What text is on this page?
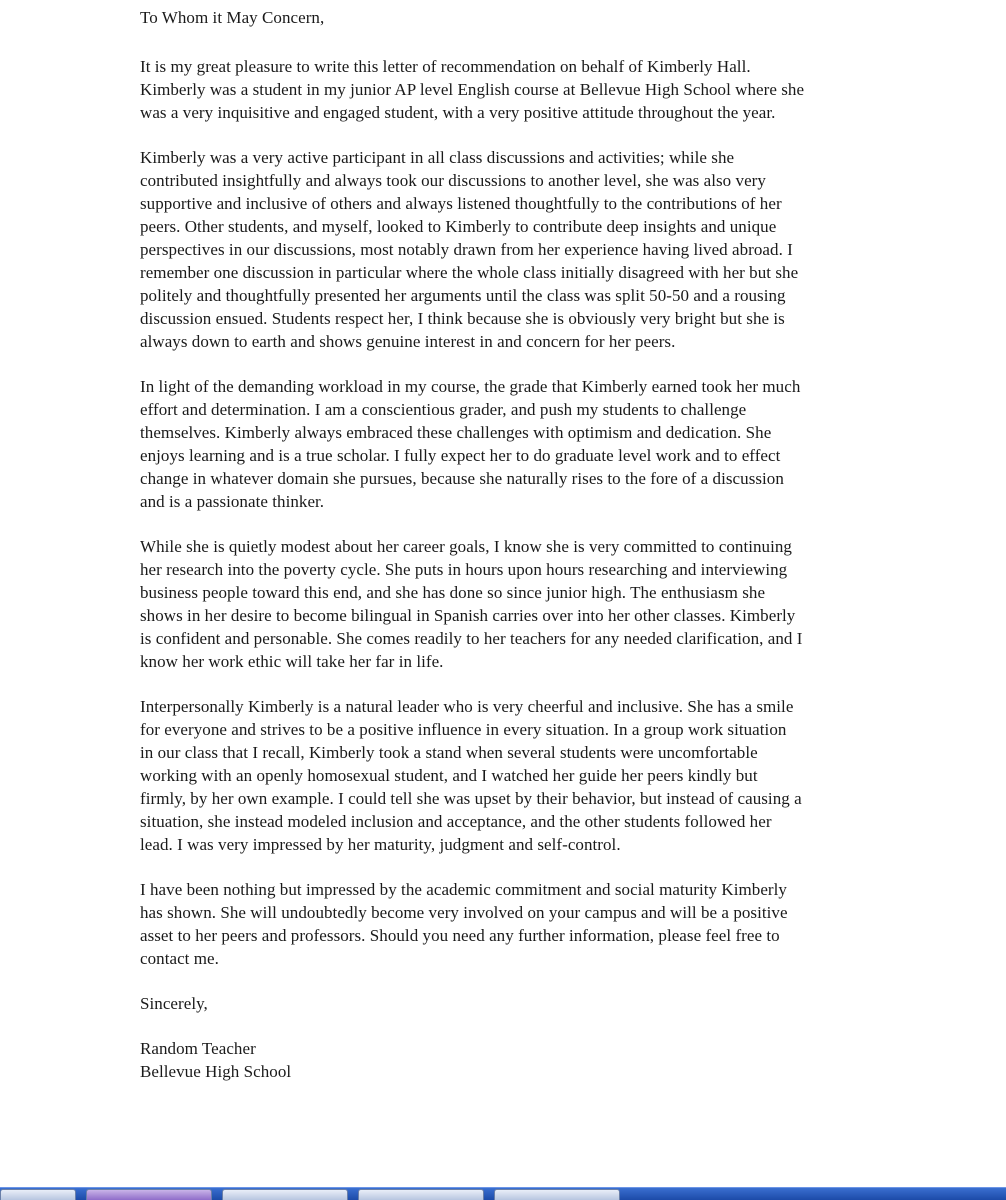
To Whom it May Concern,
It is my great pleasure to write this letter of recommendation on behalf of Kimberly Hall.
Kimberly was a student in my junior AP level English course at Bellevue High School where she
was a very inquisitive and engaged student, with a very positive attitude throughout the year.
Kimberly was a very active participant in all class discussions and activities; while she
contributed insightfully and always took our discussions to another level, she was also very
supportive and inclusive of others and always listened thoughtfully to the contributions of her
peers. Other students, and myself, looked to Kimberly to contribute deep insights and unique
perspectives in our discussions, most notably drawn from her experience having lived abroad. I
remember one discussion in particular where the whole class initially disagreed with her but she
politely and thoughtfully presented her arguments until the class was split 50-50 and a rousing
discussion ensued. Students respect her, I think because she is obviously very bright but she is
always down to earth and shows genuine interest in and concern for her peers.
In light of the demanding workload in my course, the grade that Kimberly earned took her much
effort and determination. I am a conscientious grader, and push my students to challenge
themselves. Kimberly always embraced these challenges with optimism and dedication. She
enjoys learning and is a true scholar. I fully expect her to do graduate level work and to effect
change in whatever domain she pursues, because she naturally rises to the fore of a discussion
and is a passionate thinker.
While she is quietly modest about her career goals, I know she is very committed to continuing
her research into the poverty cycle. She puts in hours upon hours researching and interviewing
business people toward this end, and she has done so since junior high. The enthusiasm she
shows in her desire to become bilingual in Spanish carries over into her other classes. Kimberly
is confident and personable. She comes readily to her teachers for any needed clarification, and I
know her work ethic will take her far in life.
Interpersonally Kimberly is a natural leader who is very cheerful and inclusive. She has a smile
for everyone and strives to be a positive influence in every situation. In a group work situation
in our class that I recall, Kimberly took a stand when several students were uncomfortable
working with an openly homosexual student, and I watched her guide her peers kindly but
firmly, by her own example. I could tell she was upset by their behavior, but instead of causing a
situation, she instead modeled inclusion and acceptance, and the other students followed her
lead. I was very impressed by her maturity, judgment and self-control.
I have been nothing but impressed by the academic commitment and social maturity Kimberly
has shown. She will undoubtedly become very involved on your campus and will be a positive
asset to her peers and professors. Should you need any further information, please feel free to
contact me.
Sincerely,
Random Teacher
Bellevue High School
